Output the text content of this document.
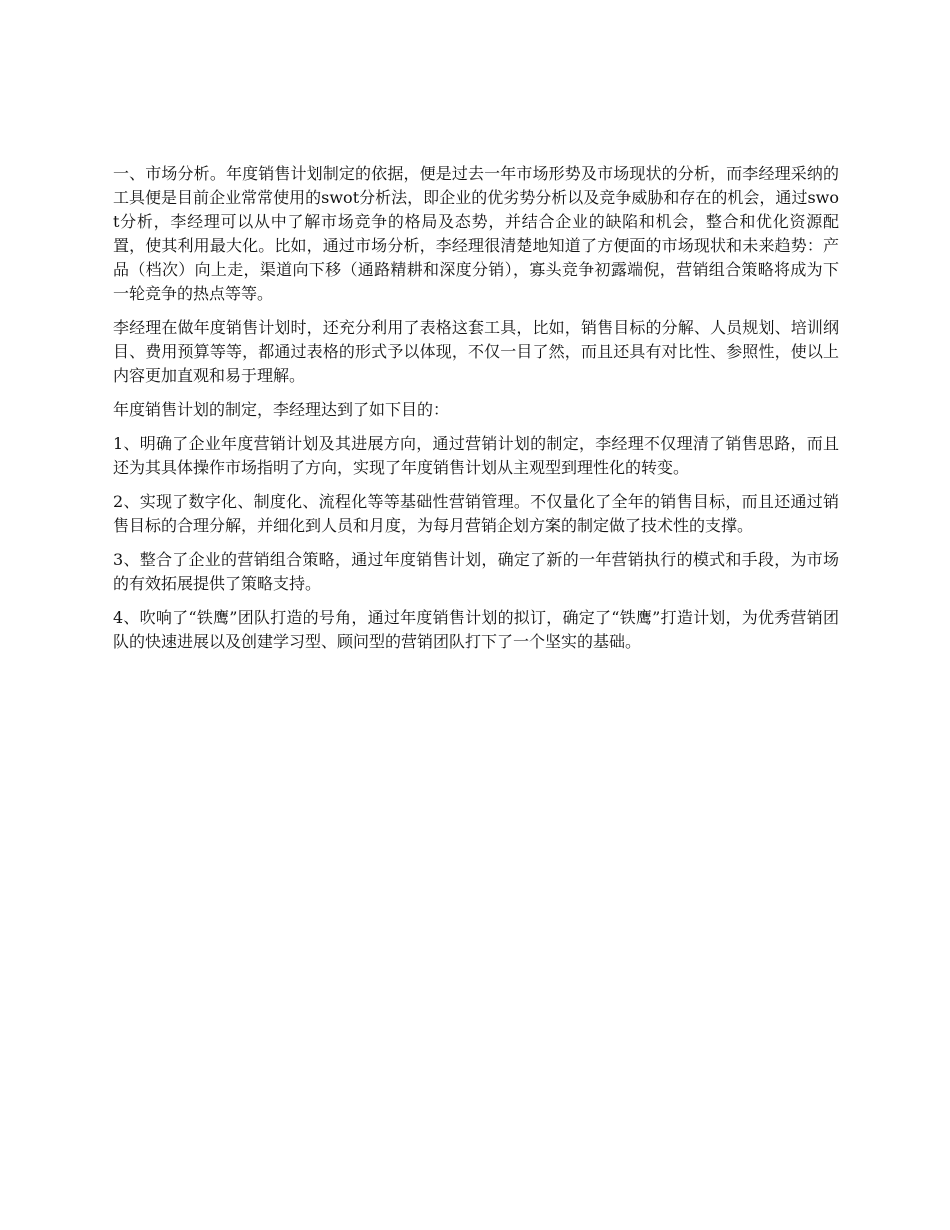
一、市场分析。年度销售计划制定的依据，便是过去一年市场形势及市场现状的分析，而李经理采纳的工具便是目前企业常常使用的swot分析法，即企业的优劣势分析以及竞争威胁和存在的机会，通过swot分析，李经理可以从中了解市场竞争的格局及态势，并结合企业的缺陷和机会，整合和优化资源配置，使其利用最大化。比如，通过市场分析，李经理很清楚地知道了方便面的市场现状和未来趋势：产品（档次）向上走，渠道向下移（通路精耕和深度分销），寡头竞争初露端倪，营销组合策略将成为下一轮竞争的热点等等。

李经理在做年度销售计划时，还充分利用了表格这套工具，比如，销售目标的分解、人员规划、培训纲目、费用预算等等，都通过表格的形式予以体现，不仅一目了然，而且还具有对比性、参照性，使以上内容更加直观和易于理解。

年度销售计划的制定，李经理达到了如下目的：

1、明确了企业年度营销计划及其进展方向，通过营销计划的制定，李经理不仅理清了销售思路，而且还为其具体操作市场指明了方向，实现了年度销售计划从主观型到理性化的转变。

2、实现了数字化、制度化、流程化等等基础性营销管理。不仅量化了全年的销售目标，而且还通过销售目标的合理分解，并细化到人员和月度，为每月营销企划方案的制定做了技术性的支撑。

3、整合了企业的营销组合策略，通过年度销售计划，确定了新的一年营销执行的模式和手段，为市场的有效拓展提供了策略支持。

4、吹响了“铁鹰”团队打造的号角，通过年度销售计划的拟订，确定了“铁鹰”打造计划，为优秀营销团队的快速进展以及创建学习型、顾问型的营销团队打下了一个坚实的基础。
